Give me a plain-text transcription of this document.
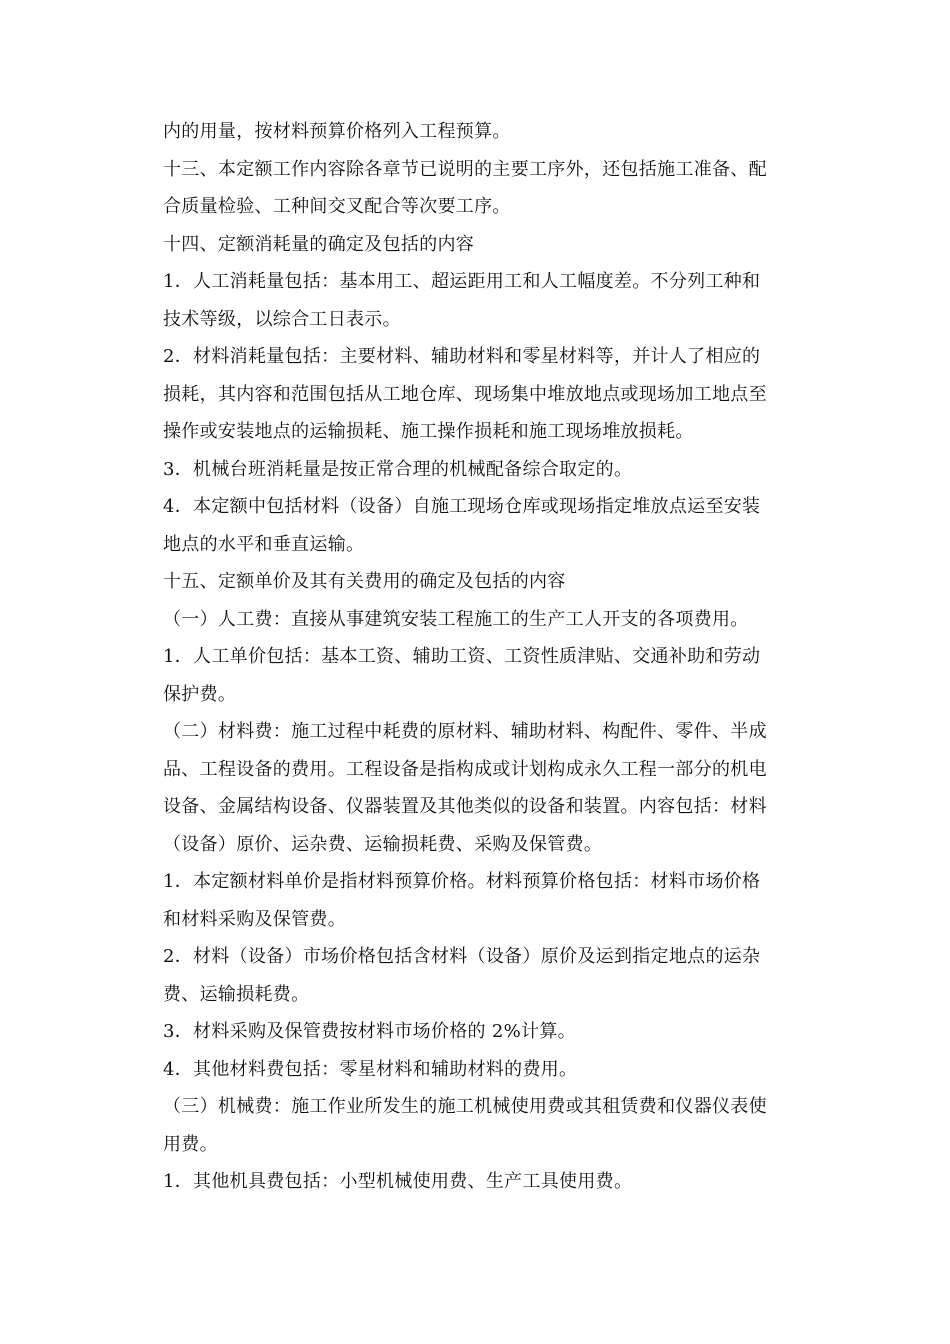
内的用量，按材料预算价格列入工程预算。
十三、本定额工作内容除各章节已说明的主要工序外，还包括施工准备、配
合质量检验、工种间交叉配合等次要工序。
十四、定额消耗量的确定及包括的内容
1．人工消耗量包括：基本用工、超运距用工和人工幅度差。不分列工种和
技术等级，以综合工日表示。
2．材料消耗量包括：主要材料、辅助材料和零星材料等，并计人了相应的
损耗，其内容和范围包括从工地仓库、现场集中堆放地点或现场加工地点至
操作或安装地点的运输损耗、施工操作损耗和施工现场堆放损耗。
3．机械台班消耗量是按正常合理的机械配备综合取定的。
4．本定额中包括材料（设备）自施工现场仓库或现场指定堆放点运至安装
地点的水平和垂直运输。
十五、定额单价及其有关费用的确定及包括的内容
（一）人工费：直接从事建筑安装工程施工的生产工人开支的各项费用。
1．人工单价包括：基本工资、辅助工资、工资性质津贴、交通补助和劳动
保护费。
（二）材料费：施工过程中耗费的原材料、辅助材料、构配件、零件、半成
品、工程设备的费用。工程设备是指构成或计划构成永久工程一部分的机电
设备、金属结构设备、仪器装置及其他类似的设备和装置。内容包括：材料
（设备）原价、运杂费、运输损耗费、采购及保管费。
1．本定额材料单价是指材料预算价格。材料预算价格包括：材料市场价格
和材料采购及保管费。
2．材料（设备）市场价格包括含材料（设备）原价及运到指定地点的运杂
费、运输损耗费。
3．材料采购及保管费按材料市场价格的 2%计算。
4．其他材料费包括：零星材料和辅助材料的费用。
（三）机械费：施工作业所发生的施工机械使用费或其租赁费和仪器仪表使
用费。
1．其他机具费包括：小型机械使用费、生产工具使用费。
